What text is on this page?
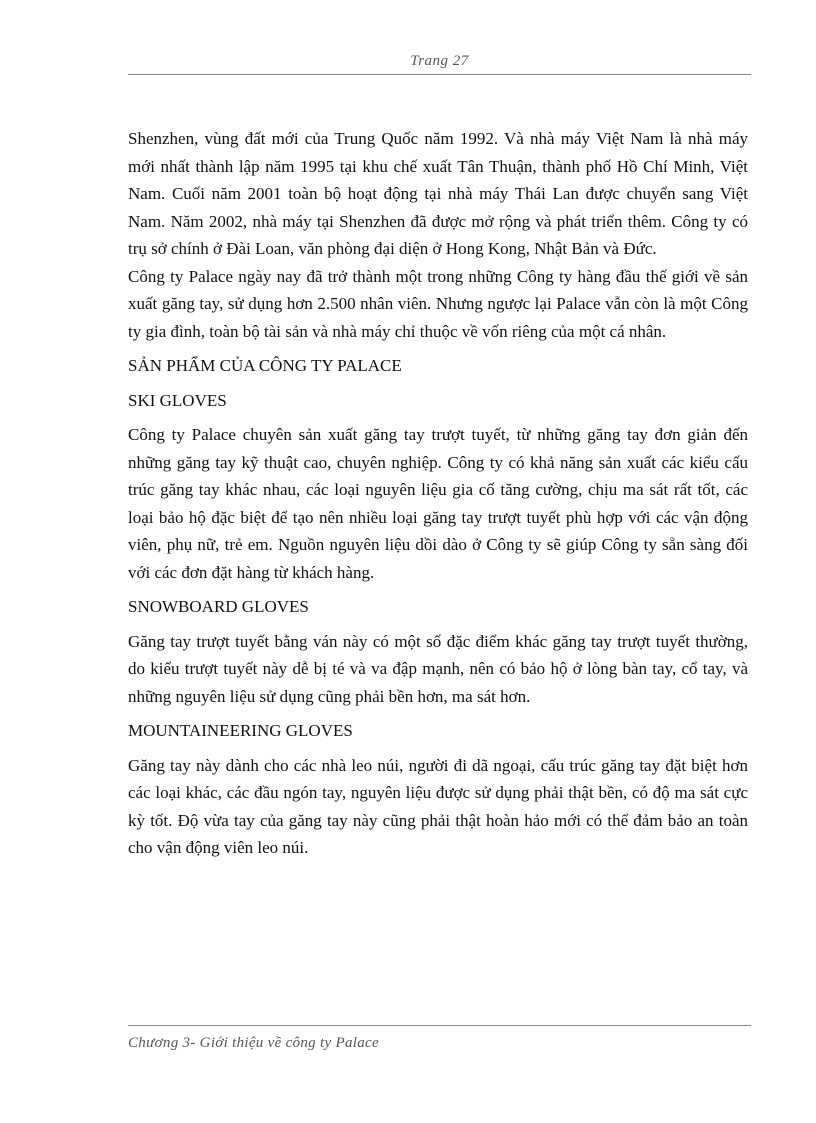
Trang 27

Shenzhen, vùng đất mới của Trung Quốc năm 1992. Và nhà máy Việt Nam là nhà máy mới nhất thành lập năm 1995 tại khu chế xuất Tân Thuận, thành phố Hồ Chí Minh, Việt Nam. Cuối năm 2001 toàn bộ hoạt động tại nhà máy Thái Lan được chuyển sang Việt Nam. Năm 2002, nhà máy tại Shenzhen đã được mở rộng và phát triển thêm. Công ty có trụ sở chính ở Đài Loan, văn phòng đại diện ở Hong Kong, Nhật Bản và Đức.

Công ty Palace ngày nay đã trở thành một trong những Công ty hàng đầu thế giới về sản xuất găng tay, sử dụng hơn 2.500 nhân viên. Nhưng ngược lại Palace vẫn còn là một Công ty gia đình, toàn bộ tài sản và nhà máy chỉ thuộc về vốn riêng của một cá nhân.

SẢN PHẨM CỦA CÔNG TY PALACE
SKI GLOVES

Công ty Palace chuyên sản xuất găng tay trượt tuyết, từ những găng tay đơn giản đến những găng tay kỹ thuật cao, chuyên nghiệp. Công ty có khả năng sản xuất các kiểu cấu trúc găng tay khác nhau, các loại nguyên liệu gia cố tăng cường, chịu ma sát rất tốt, các loại bảo hộ đặc biệt để tạo nên nhiều loại găng tay trượt tuyết phù hợp với các vận động viên, phụ nữ, trẻ em. Nguồn nguyên liệu dồi dào ở Công ty sẽ giúp Công ty sẵn sàng đối với các đơn đặt hàng từ khách hàng.

SNOWBOARD GLOVES

Găng tay trượt tuyết bằng ván này có một số đặc điểm khác găng tay trượt tuyết thường, do kiểu trượt tuyết này dễ bị té và va đập mạnh, nên có bảo hộ ở lòng bàn tay, cổ tay, và những nguyên liệu sử dụng cũng phải bền hơn, ma sát hơn.

MOUNTAINEERING GLOVES

Găng tay này dành cho các nhà leo núi, người đi dã ngoại, cấu trúc găng tay đặt biệt hơn các loại khác, các đầu ngón tay, nguyên liệu được sử dụng phải thật bền, có độ ma sát cực kỳ tốt. Độ vừa tay của găng tay này cũng phải thật hoàn hảo mới có thể đảm bảo an toàn cho vận động viên leo núi.

Chương 3- Giới thiệu về công ty Palace
